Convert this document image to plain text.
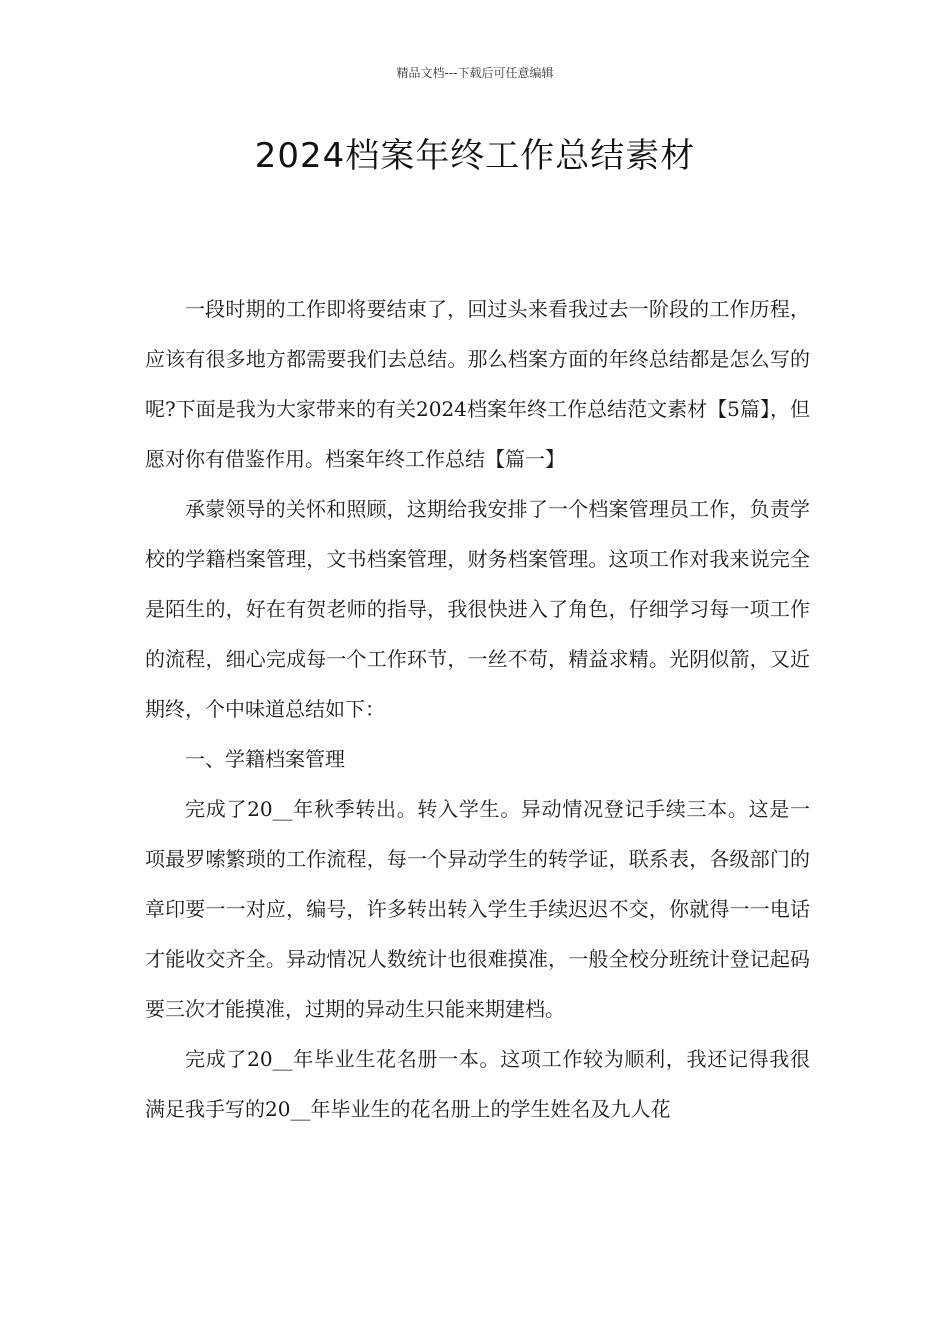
精品文档---下载后可任意编辑
2024档案年终工作总结素材

一段时期的工作即将要结束了，回过头来看我过去一阶段的工作历程，应该有很多地方都需要我们去总结。那么档案方面的年终总结都是怎么写的呢?下面是我为大家带来的有关2024档案年终工作总结范文素材【5篇】，但愿对你有借鉴作用。档案年终工作总结【篇一】

承蒙领导的关怀和照顾，这期给我安排了一个档案管理员工作，负责学校的学籍档案管理，文书档案管理，财务档案管理。这项工作对我来说完全是陌生的，好在有贺老师的指导，我很快进入了角色，仔细学习每一项工作的流程，细心完成每一个工作环节，一丝不苟，精益求精。光阴似箭，又近期终，个中味道总结如下：

一、学籍档案管理

完成了20__年秋季转出。转入学生。异动情况登记手续三本。这是一项最罗嗦繁琐的工作流程，每一个异动学生的转学证，联系表，各级部门的章印要一一对应，编号，许多转出转入学生手续迟迟不交，你就得一一电话才能收交齐全。异动情况人数统计也很难摸准，一般全校分班统计登记起码要三次才能摸准，过期的异动生只能来期建档。

完成了20__年毕业生花名册一本。这项工作较为顺利，我还记得我很满足我手写的20__年毕业生的花名册上的学生姓名及九人花
